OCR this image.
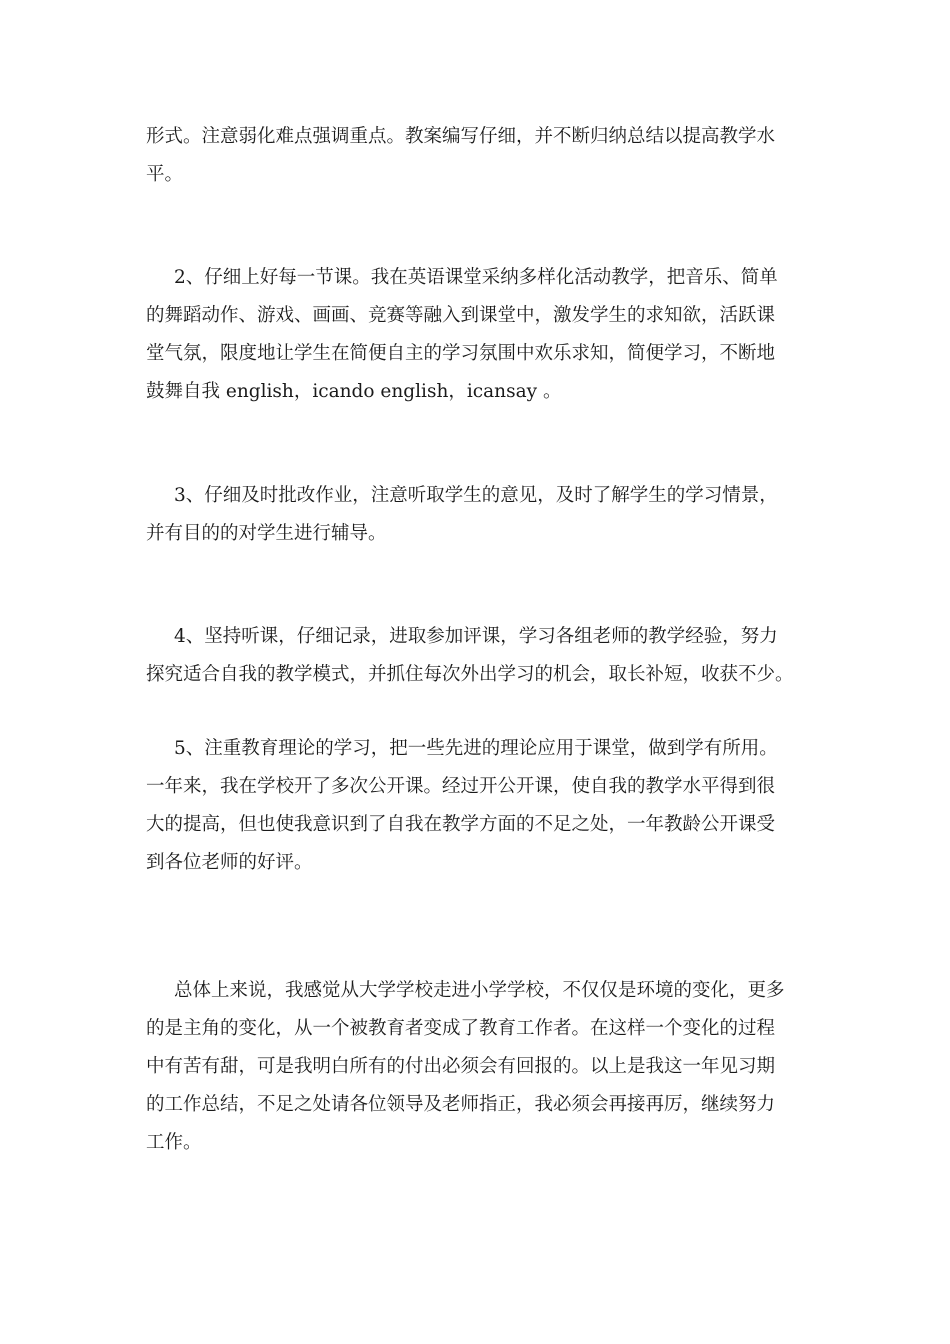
形式。注意弱化难点强调重点。教案编写仔细，并不断归纳总结以提高教学水
平。

2、仔细上好每一节课。我在英语课堂采纳多样化活动教学，把音乐、简单
的舞蹈动作、游戏、画画、竞赛等融入到课堂中，激发学生的求知欲，活跃课
堂气氛，限度地让学生在简便自主的学习氛围中欢乐求知，简便学习，不断地
鼓舞自我 english，icando english，icansay 。

3、仔细及时批改作业，注意听取学生的意见，及时了解学生的学习情景，
并有目的的对学生进行辅导。

4、坚持听课，仔细记录，进取参加评课，学习各组老师的教学经验，努力
探究适合自我的教学模式，并抓住每次外出学习的机会，取长补短，收获不少。

5、注重教育理论的学习，把一些先进的理论应用于课堂，做到学有所用。
一年来，我在学校开了多次公开课。经过开公开课，使自我的教学水平得到很
大的提高，但也使我意识到了自我在教学方面的不足之处，一年教龄公开课受
到各位老师的好评。

总体上来说，我感觉从大学学校走进小学学校，不仅仅是环境的变化，更多
的是主角的变化，从一个被教育者变成了教育工作者。在这样一个变化的过程
中有苦有甜，可是我明白所有的付出必须会有回报的。以上是我这一年见习期
的工作总结，不足之处请各位领导及老师指正，我必须会再接再厉，继续努力
工作。
